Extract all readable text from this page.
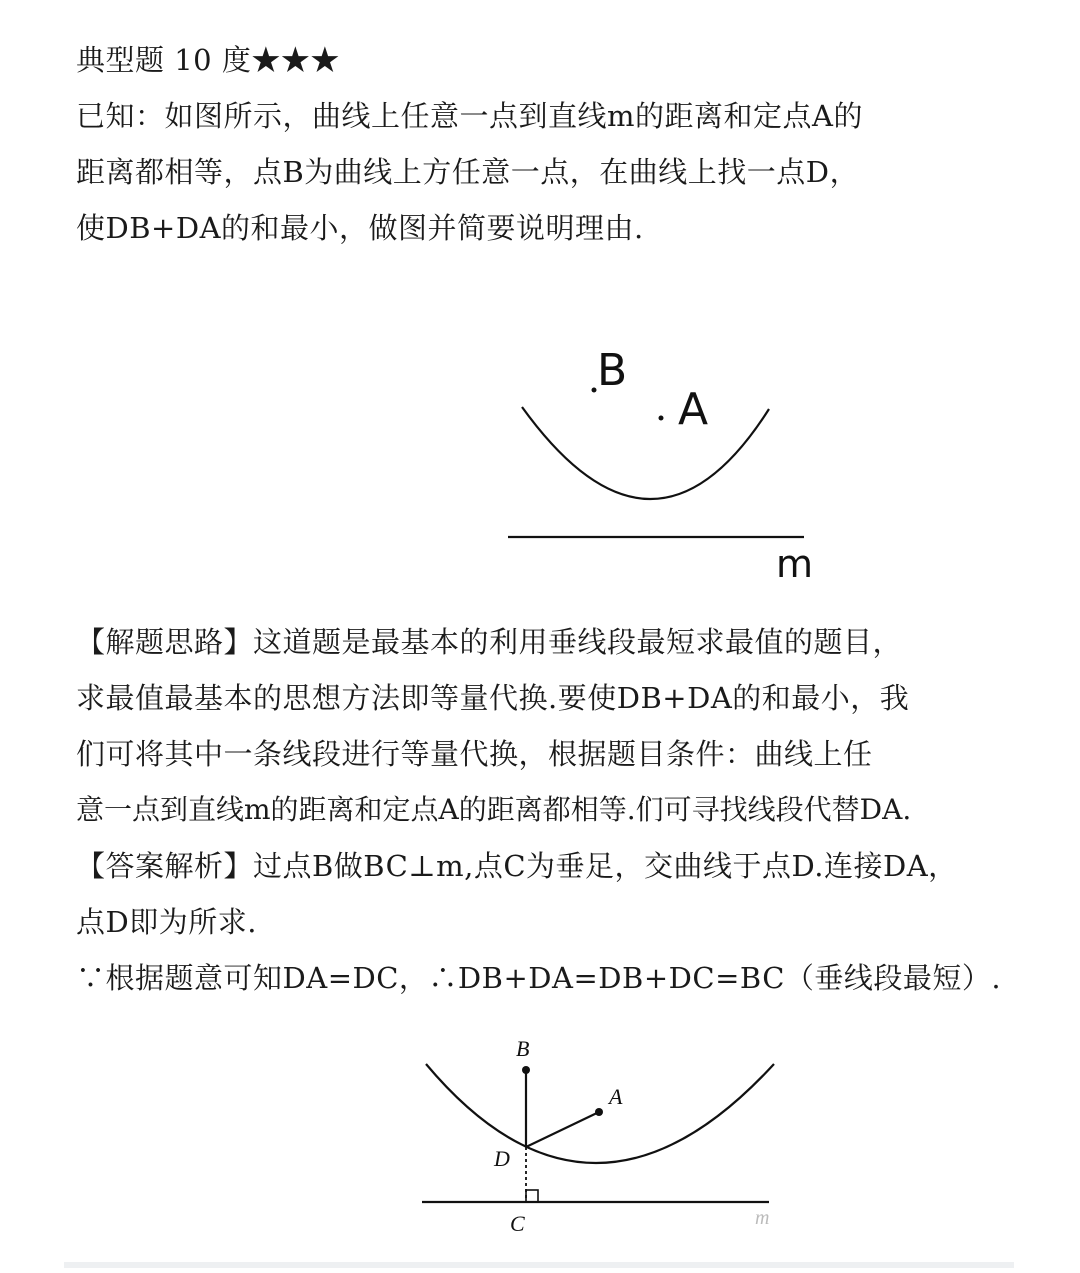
典型题 10 度★★★
已知：如图所示，曲线上任意一点到直线m的距离和定点A的
距离都相等，点B为曲线上方任意一点，在曲线上找一点D，
使DB+DA的和最小，做图并简要说明理由.
B
A
m
【解题思路】这道题是最基本的利用垂线段最短求最值的题目，
求最值最基本的思想方法即等量代换.要使DB+DA的和最小，我
们可将其中一条线段进行等量代换，根据题目条件：曲线上任
意一点到直线m的距离和定点A的距离都相等.们可寻找线段代替DA.
【答案解析】过点B做BC⊥m,点C为垂足，交曲线于点D.连接DA，
点D即为所求.
∵根据题意可知DA=DC，∴DB+DA=DB+DC=BC（垂线段最短）.
B
A
D
C	m
